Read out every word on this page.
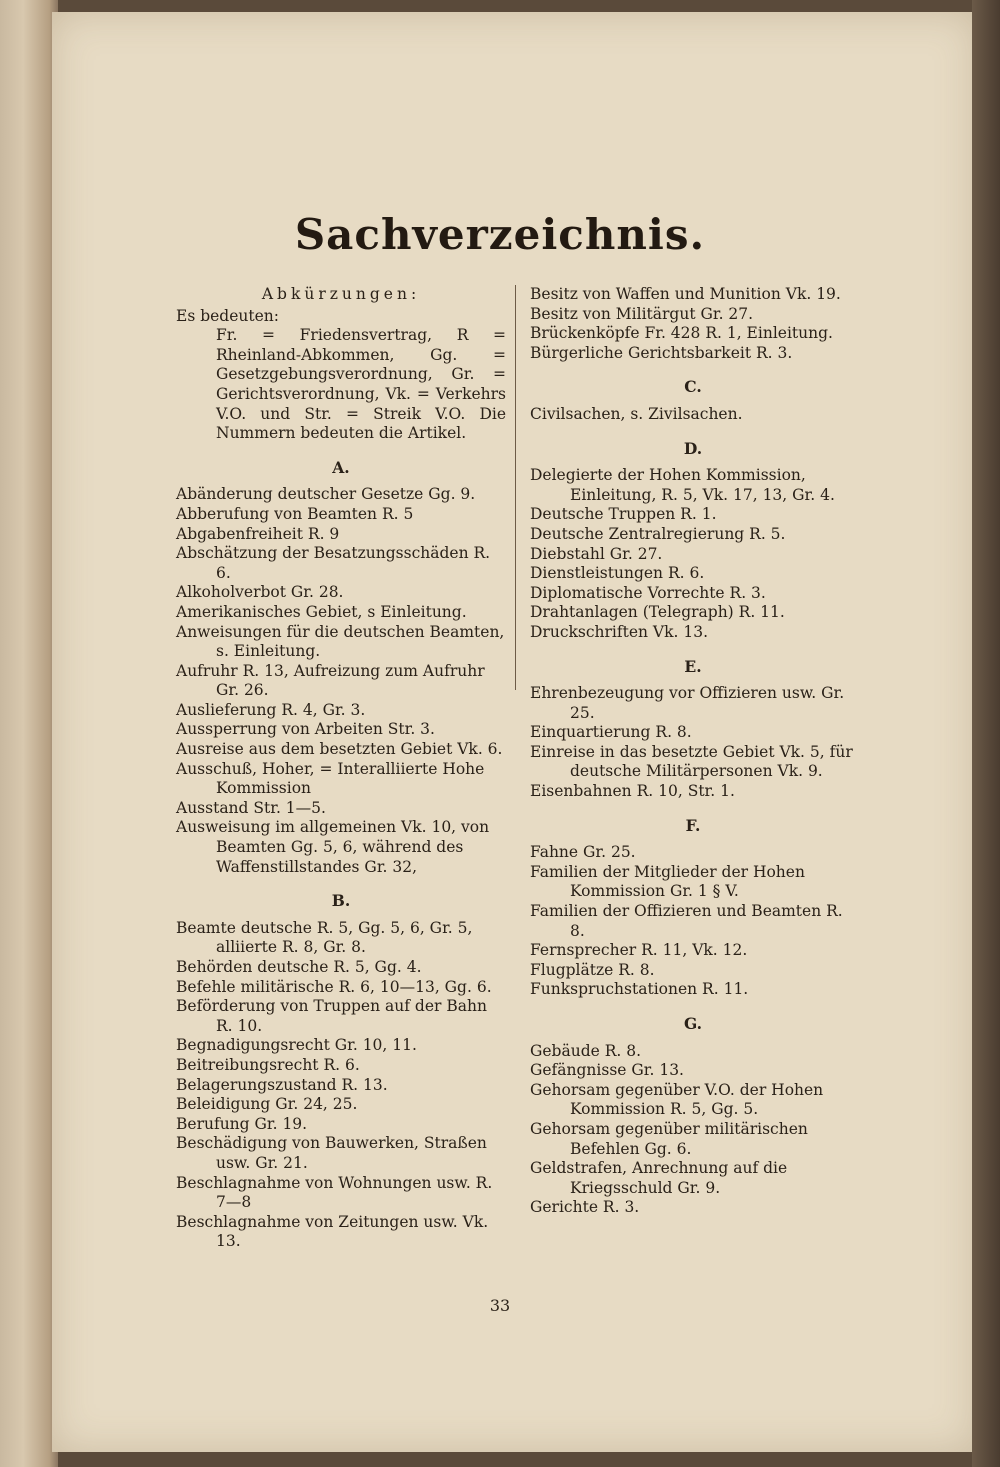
Sachverzeichnis.
Abkürzungen:
Es bedeuten:
Fr. = Friedensvertrag, R = Rheinland-Abkommen, Gg. = Gesetzgebungsverordnung, Gr. = Gerichtsverordnung, Vk. = Verkehrs V.O. und Str. = Streik V.O. Die Nummern bedeuten die Artikel.
A.
Abänderung deutscher Gesetze Gg. 9.
Abberufung von Beamten R. 5
Abgabenfreiheit R. 9
Abschätzung der Besatzungsschäden R. 6.
Alkoholverbot Gr. 28.
Amerikanisches Gebiet, s Einleitung.
Anweisungen für die deutschen Beamten, s. Einleitung.
Aufruhr R. 13, Aufreizung zum Aufruhr Gr. 26.
Auslieferung R. 4, Gr. 3.
Aussperrung von Arbeiten Str. 3.
Ausreise aus dem besetzten Gebiet Vk. 6.
Ausschuß, Hoher, = Interalliierte Hohe Kommission
Ausstand Str. 1—5.
Ausweisung im allgemeinen Vk. 10, von Beamten Gg. 5, 6, während des Waffenstillstandes Gr. 32,
B.
Beamte deutsche R. 5, Gg. 5, 6, Gr. 5, alliierte R. 8, Gr. 8.
Behörden deutsche R. 5, Gg. 4.
Befehle militärische R. 6, 10—13, Gg. 6.
Beförderung von Truppen auf der Bahn R. 10.
Begnadigungsrecht Gr. 10, 11.
Beitreibungsrecht R. 6.
Belagerungszustand R. 13.
Beleidigung Gr. 24, 25.
Berufung Gr. 19.
Beschädigung von Bauwerken, Straßen usw. Gr. 21.
Beschlagnahme von Wohnungen usw. R. 7—8
Beschlagnahme von Zeitungen usw. Vk. 13.
Besitz von Waffen und Munition Vk. 19.
Besitz von Militärgut Gr. 27.
Brückenköpfe Fr. 428 R. 1, Einleitung.
Bürgerliche Gerichtsbarkeit R. 3.
C.
Civilsachen, s. Zivilsachen.
D.
Delegierte der Hohen Kommission, Einleitung, R. 5, Vk. 17, 13, Gr. 4.
Deutsche Truppen R. 1.
Deutsche Zentralregierung R. 5.
Diebstahl Gr. 27.
Dienstleistungen R. 6.
Diplomatische Vorrechte R. 3.
Drahtanlagen (Telegraph) R. 11.
Druckschriften Vk. 13.
E.
Ehrenbezeugung vor Offizieren usw. Gr. 25.
Einquartierung R. 8.
Einreise in das besetzte Gebiet Vk. 5, für deutsche Militärpersonen Vk. 9.
Eisenbahnen R. 10, Str. 1.
F.
Fahne Gr. 25.
Familien der Mitglieder der Hohen Kommission Gr. 1 § V.
Familien der Offizieren und Beamten R. 8.
Fernsprecher R. 11, Vk. 12.
Flugplätze R. 8.
Funkspruchstationen R. 11.
G.
Gebäude R. 8.
Gefängnisse Gr. 13.
Gehorsam gegenüber V.O. der Hohen Kommission R. 5, Gg. 5.
Gehorsam gegenüber militärischen Befehlen Gg. 6.
Geldstrafen, Anrechnung auf die Kriegsschuld Gr. 9.
Gerichte R. 3.
33
